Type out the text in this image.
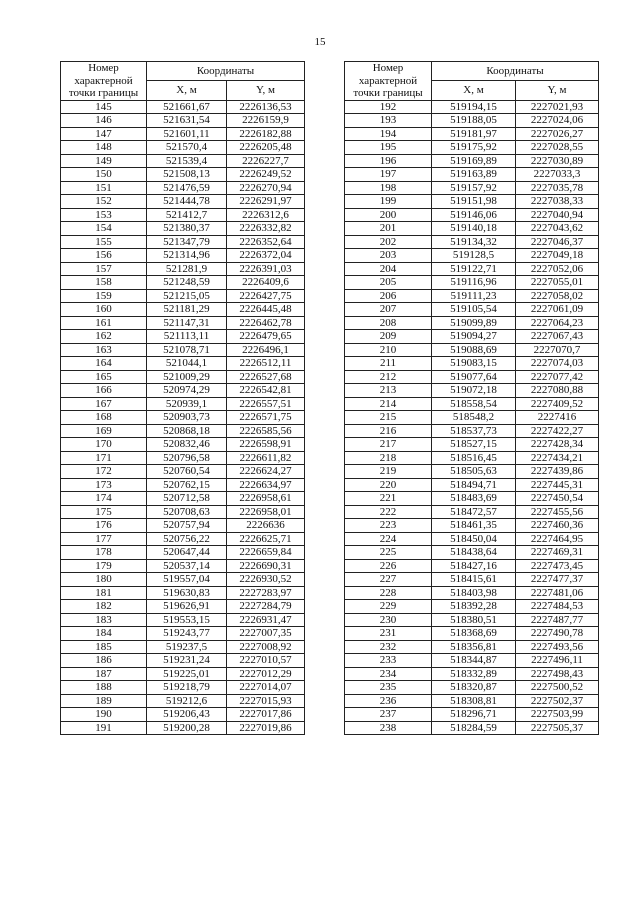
15
Номер
характерной
точки границы	Координаты	
	X, м	Y, м
145	521661,67	2226136,53
146	521631,54	2226159,9
147	521601,11	2226182,88
148	521570,4	2226205,48
149	521539,4	2226227,7
150	521508,13	2226249,52
151	521476,59	2226270,94
152	521444,78	2226291,97
153	521412,7	2226312,6
154	521380,37	2226332,82
155	521347,79	2226352,64
156	521314,96	2226372,04
157	521281,9	2226391,03
158	521248,59	2226409,6
159	521215,05	2226427,75
160	521181,29	2226445,48
161	521147,31	2226462,78
162	521113,11	2226479,65
163	521078,71	2226496,1
164	521044,1	2226512,11
165	521009,29	2226527,68
166	520974,29	2226542,81
167	520939,1	2226557,51
168	520903,73	2226571,75
169	520868,18	2226585,56
170	520832,46	2226598,91
171	520796,58	2226611,82
172	520760,54	2226624,27
173	520762,15	2226634,97
174	520712,58	2226958,61
175	520708,63	2226958,01
176	520757,94	2226636
177	520756,22	2226625,71
178	520647,44	2226659,84
179	520537,14	2226690,31
180	519557,04	2226930,52
181	519630,83	2227283,97
182	519626,91	2227284,79
183	519553,15	2226931,47
184	519243,77	2227007,35
185	519237,5	2227008,92
186	519231,24	2227010,57
187	519225,01	2227012,29
188	519218,79	2227014,07
189	519212,6	2227015,93
190	519206,43	2227017,86
191	519200,28	2227019,86
Номер
характерной
точки границы	Координаты	
	X, м	Y, м
192	519194,15	2227021,93
193	519188,05	2227024,06
194	519181,97	2227026,27
195	519175,92	2227028,55
196	519169,89	2227030,89
197	519163,89	2227033,3
198	519157,92	2227035,78
199	519151,98	2227038,33
200	519146,06	2227040,94
201	519140,18	2227043,62
202	519134,32	2227046,37
203	519128,5	2227049,18
204	519122,71	2227052,06
205	519116,96	2227055,01
206	519111,23	2227058,02
207	519105,54	2227061,09
208	519099,89	2227064,23
209	519094,27	2227067,43
210	519088,69	2227070,7
211	519083,15	2227074,03
212	519077,64	2227077,42
213	519072,18	2227080,88
214	518558,54	2227409,52
215	518548,2	2227416
216	518537,73	2227422,27
217	518527,15	2227428,34
218	518516,45	2227434,21
219	518505,63	2227439,86
220	518494,71	2227445,31
221	518483,69	2227450,54
222	518472,57	2227455,56
223	518461,35	2227460,36
224	518450,04	2227464,95
225	518438,64	2227469,31
226	518427,16	2227473,45
227	518415,61	2227477,37
228	518403,98	2227481,06
229	518392,28	2227484,53
230	518380,51	2227487,77
231	518368,69	2227490,78
232	518356,81	2227493,56
233	518344,87	2227496,11
234	518332,89	2227498,43
235	518320,87	2227500,52
236	518308,81	2227502,37
237	518296,71	2227503,99
238	518284,59	2227505,37
